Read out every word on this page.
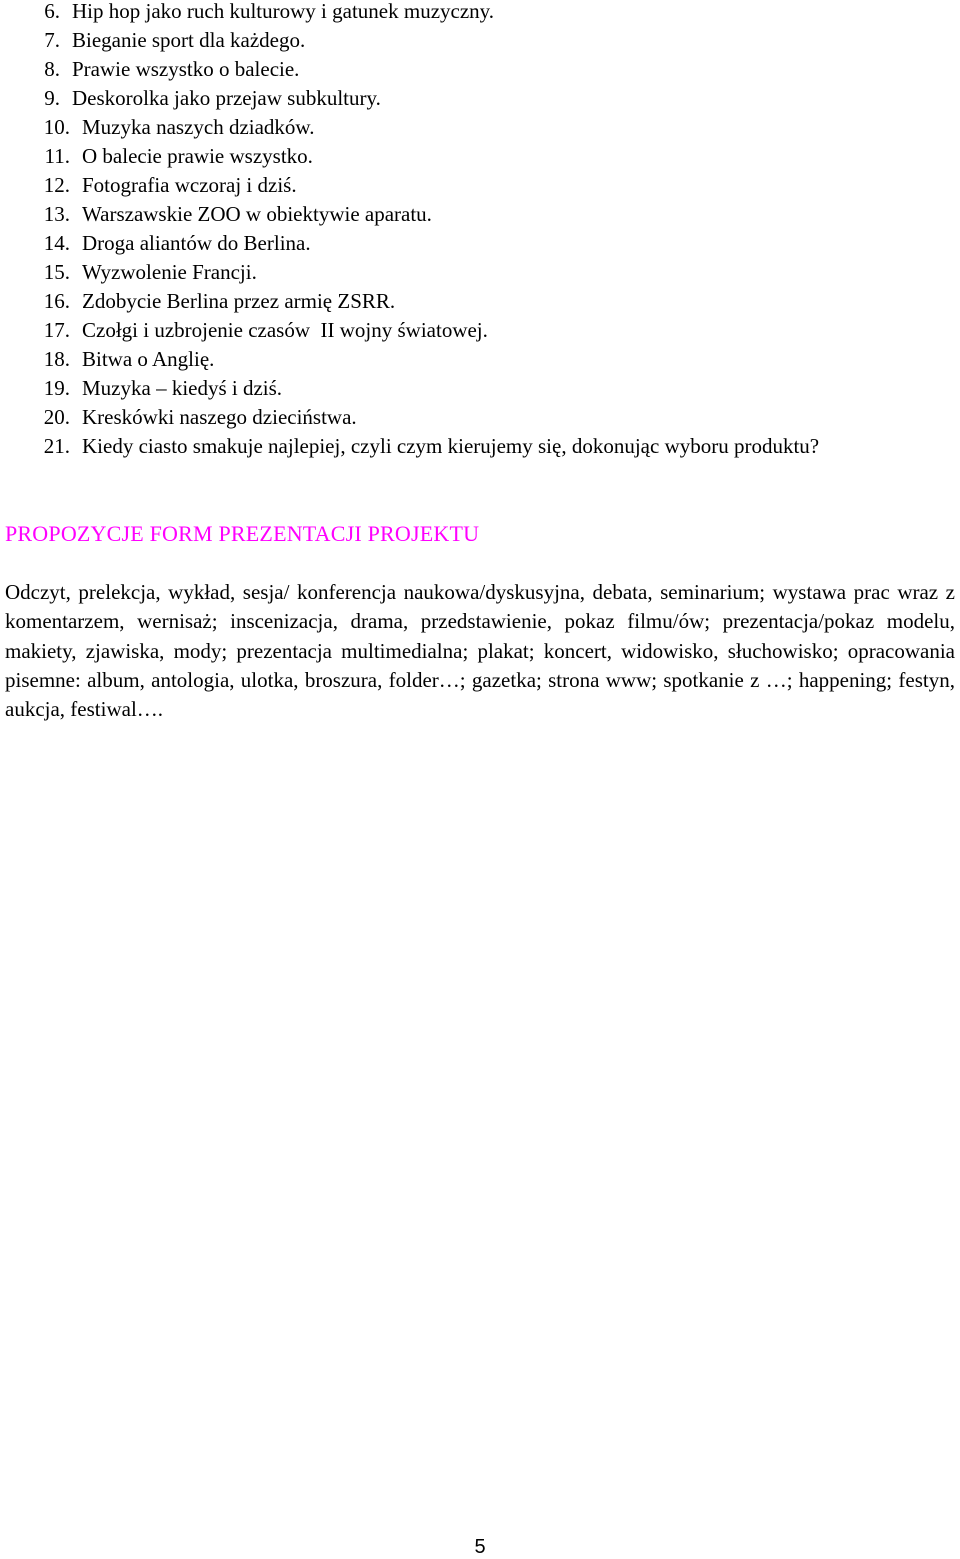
6. Hip hop jako ruch kulturowy i gatunek muzyczny.
7. Bieganie sport dla każdego.
8. Prawie wszystko o balecie.
9. Deskorolka jako przejaw subkultury.
10. Muzyka naszych dziadków.
11. O balecie prawie wszystko.
12. Fotografia wczoraj i dziś.
13. Warszawskie ZOO w obiektywie aparatu.
14. Droga aliantów do Berlina.
15. Wyzwolenie Francji.
16. Zdobycie Berlina przez armię ZSRR.
17. Czołgi i uzbrojenie czasów  II wojny światowej.
18. Bitwa o Anglię.
19. Muzyka – kiedyś i dziś.
20. Kreskówki naszego dzieciństwa.
21. Kiedy ciasto smakuje najlepiej, czyli czym kierujemy się, dokonując wyboru produktu?
PROPOZYCJE FORM PREZENTACJI PROJEKTU

Odczyt, prelekcja, wykład, sesja/ konferencja naukowa/dyskusyjna, debata, seminarium; wystawa prac wraz z komentarzem, wernisaż; inscenizacja, drama, przedstawienie, pokaz filmu/ów; prezentacja/pokaz modelu, makiety, zjawiska, mody; prezentacja multimedialna; plakat; koncert, widowisko, słuchowisko; opracowania pisemne: album, antologia, ulotka, broszura, folder…; gazetka; strona www; spotkanie z …; happening; festyn, aukcja, festiwal….

5
